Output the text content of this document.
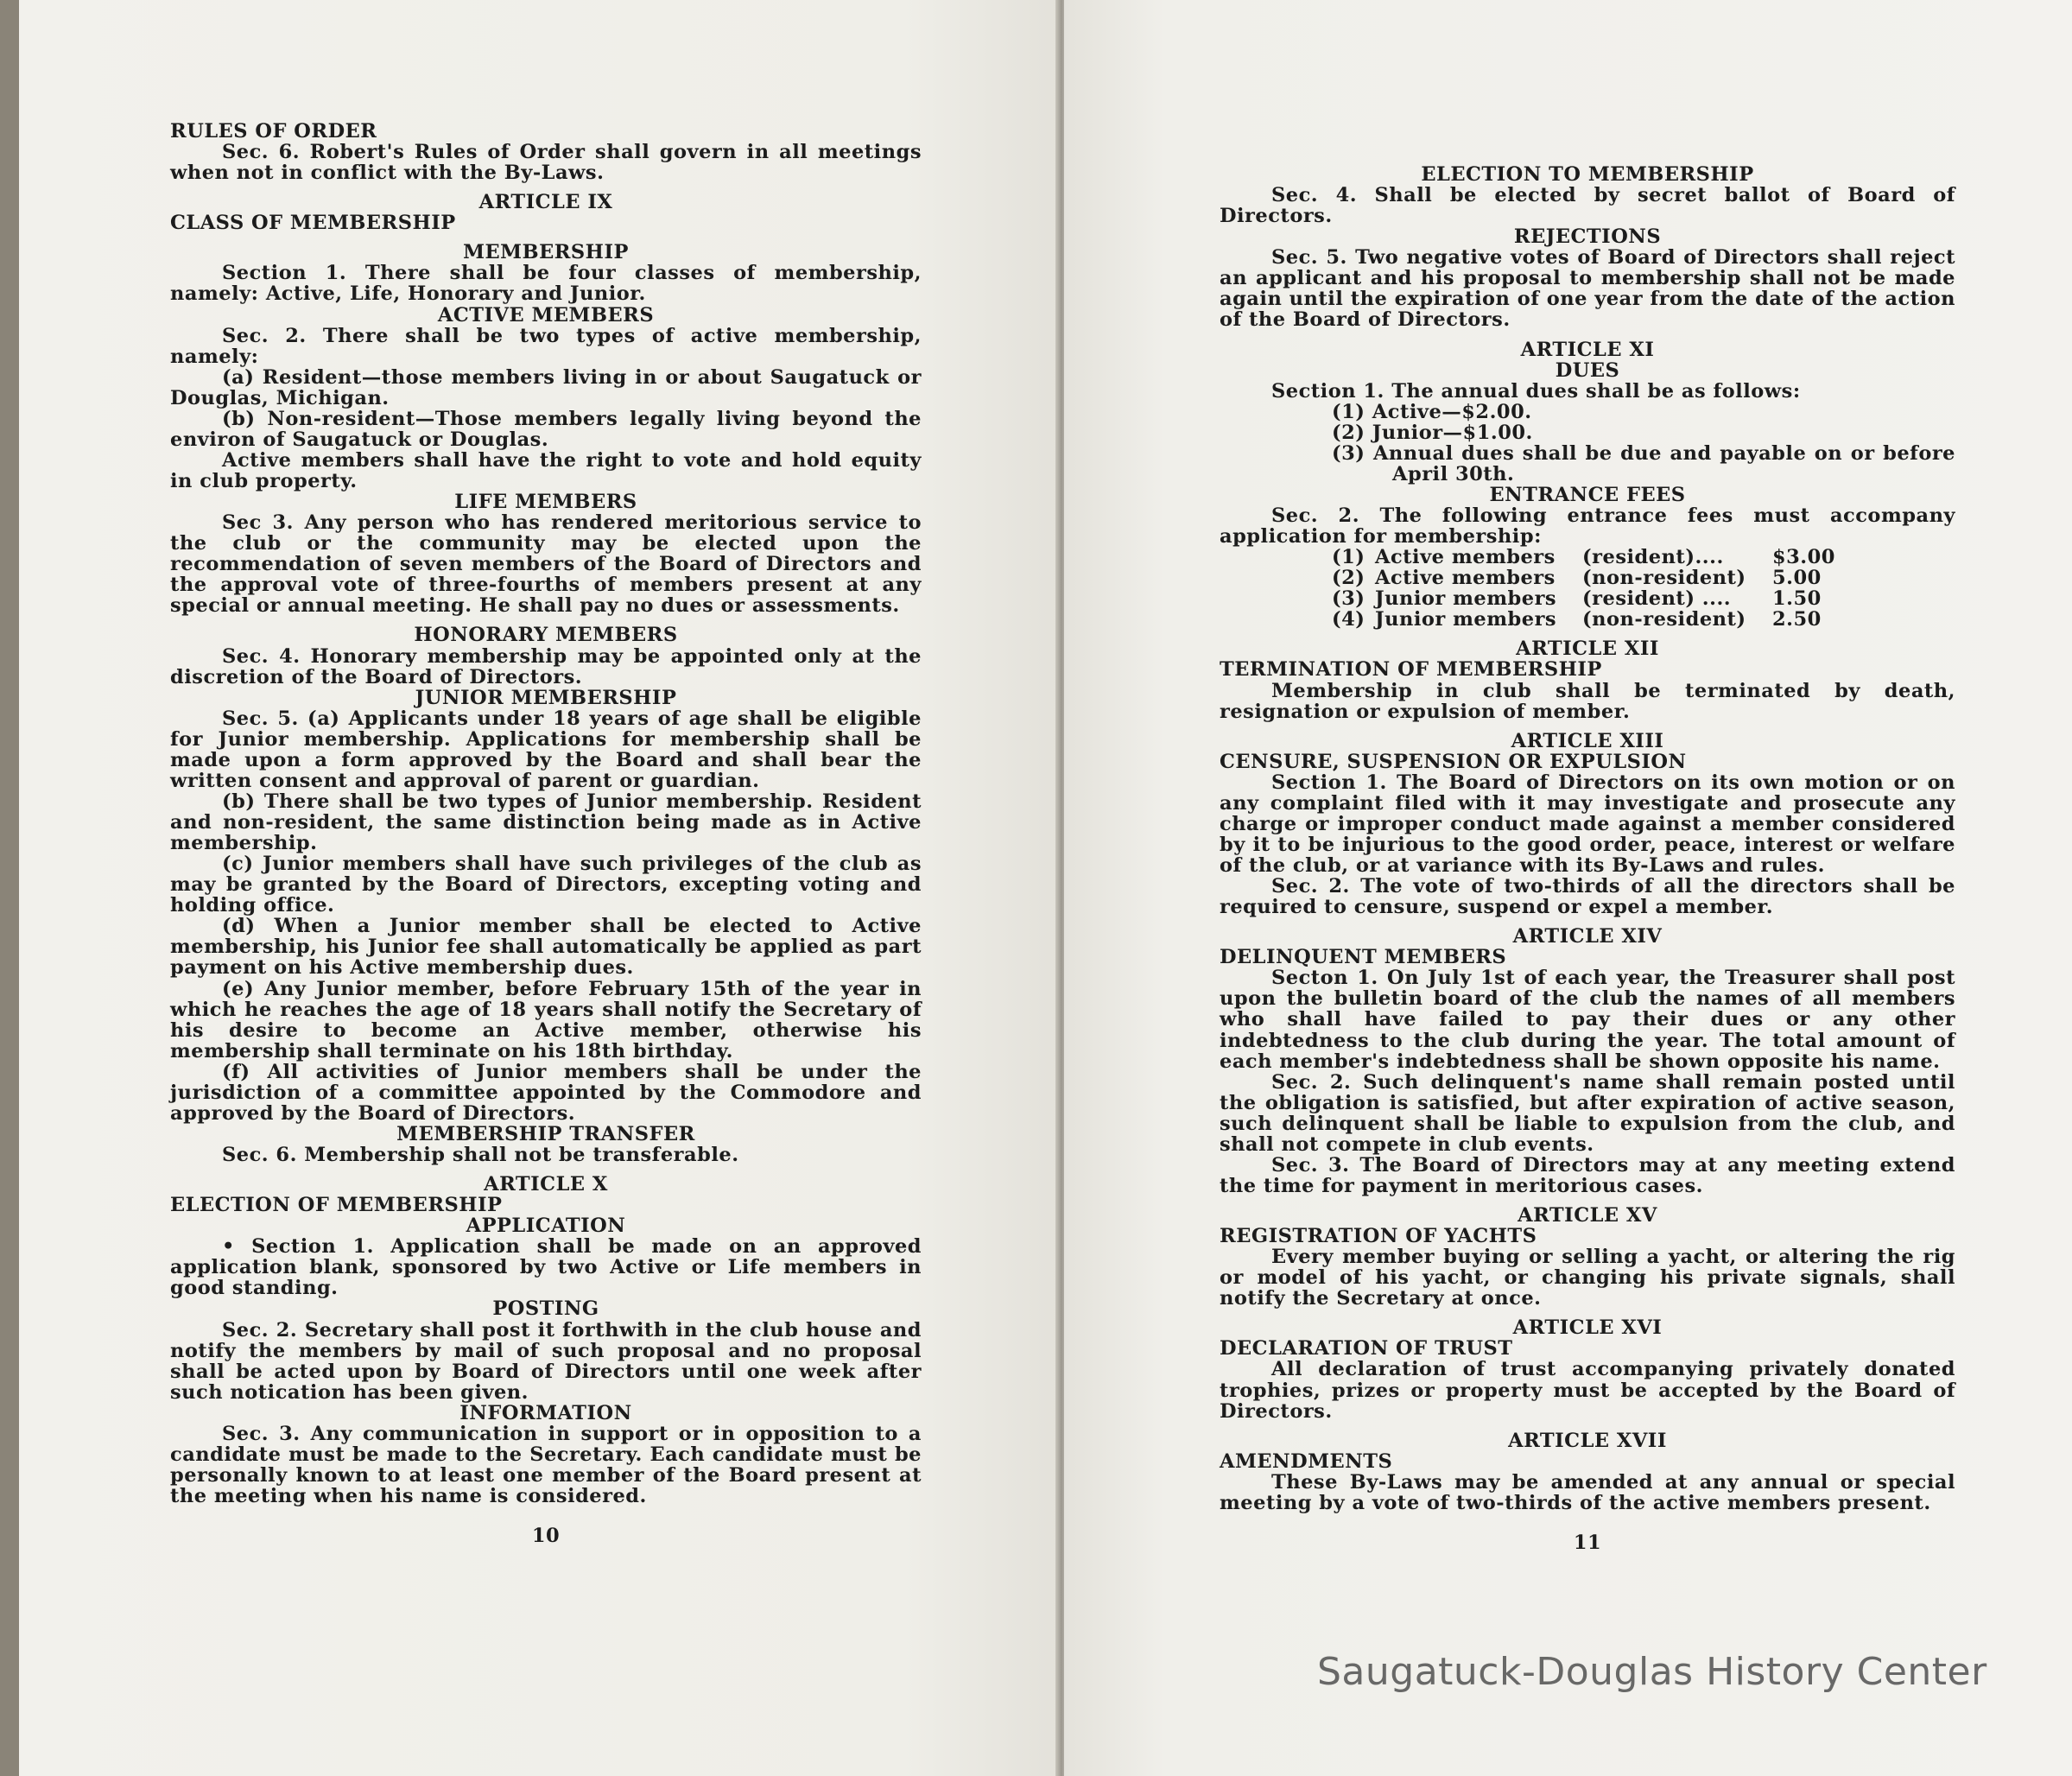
RULES OF ORDER
Sec. 6. Robert's Rules of Order shall govern in all meetings when not in conflict with the By-Laws.
ARTICLE IX
CLASS OF MEMBERSHIP
MEMBERSHIP
Section 1. There shall be four classes of membership, namely: Active, Life, Honorary and Junior.
ACTIVE MEMBERS
Sec. 2. There shall be two types of active membership, namely:
(a) Resident—those members living in or about Saugatuck or Douglas, Michigan.
(b) Non-resident—Those members legally living beyond the environ of Saugatuck or Douglas.
Active members shall have the right to vote and hold equity in club property.
LIFE MEMBERS
Sec 3. Any person who has rendered meritorious service to the club or the community may be elected upon the recommendation of seven members of the Board of Directors and the approval vote of three-fourths of members present at any special or annual meeting. He shall pay no dues or assessments.
HONORARY MEMBERS
Sec. 4. Honorary membership may be appointed only at the discretion of the Board of Directors.
JUNIOR MEMBERSHIP
Sec. 5. (a) Applicants under 18 years of age shall be eligible for Junior membership. Applications for membership shall be made upon a form approved by the Board and shall bear the written consent and approval of parent or guardian.
(b) There shall be two types of Junior membership. Resident and non-resident, the same distinction being made as in Active membership.
(c) Junior members shall have such privileges of the club as may be granted by the Board of Directors, excepting voting and holding office.
(d) When a Junior member shall be elected to Active membership, his Junior fee shall automatically be applied as part payment on his Active membership dues.
(e) Any Junior member, before February 15th of the year in which he reaches the age of 18 years shall notify the Secretary of his desire to become an Active member, otherwise his membership shall terminate on his 18th birthday.
(f) All activities of Junior members shall be under the jurisdiction of a committee appointed by the Commodore and approved by the Board of Directors.
MEMBERSHIP TRANSFER
Sec. 6. Membership shall not be transferable.
ARTICLE X
ELECTION OF MEMBERSHIP
APPLICATION
• Section 1. Application shall be made on an approved application blank, sponsored by two Active or Life members in good standing.
POSTING
Sec. 2. Secretary shall post it forthwith in the club house and notify the members by mail of such proposal and no proposal shall be acted upon by Board of Directors until one week after such notication has been given.
INFORMATION
Sec. 3. Any communication in support or in opposition to a candidate must be made to the Secretary. Each candidate must be personally known to at least one member of the Board present at the meeting when his name is considered.
10
ELECTION TO MEMBERSHIP
Sec. 4. Shall be elected by secret ballot of Board of Directors.
REJECTIONS
Sec. 5. Two negative votes of Board of Directors shall reject an applicant and his proposal to membership shall not be made again until the expiration of one year from the date of the action of the Board of Directors.
ARTICLE XI
DUES
Section 1. The annual dues shall be as follows:
(1) Active—$2.00.
(2) Junior—$1.00.
(3) Annual dues shall be due and payable on or before April 30th.
ENTRANCE FEES
Sec. 2. The following entrance fees must accompany application for membership:
(1) Active members	(resident)....	$3.00
(2) Active members	(non-resident)	5.00
(3) Junior members	(resident) ....	1.50
(4) Junior members	(non-resident)	2.50
ARTICLE XII
TERMINATION OF MEMBERSHIP
Membership in club shall be terminated by death, resignation or expulsion of member.
ARTICLE XIII
CENSURE, SUSPENSION OR EXPULSION
Section 1. The Board of Directors on its own motion or on any complaint filed with it may investigate and prosecute any charge or improper conduct made against a member considered by it to be injurious to the good order, peace, interest or welfare of the club, or at variance with its By-Laws and rules.
Sec. 2. The vote of two-thirds of all the directors shall be required to censure, suspend or expel a member.
ARTICLE XIV
DELINQUENT MEMBERS
Secton 1. On July 1st of each year, the Treasurer shall post upon the bulletin board of the club the names of all members who shall have failed to pay their dues or any other indebtedness to the club during the year. The total amount of each member's indebtedness shall be shown opposite his name.
Sec. 2. Such delinquent's name shall remain posted until the obligation is satisfied, but after expiration of active season, such delinquent shall be liable to expulsion from the club, and shall not compete in club events.
Sec. 3. The Board of Directors may at any meeting extend the time for payment in meritorious cases.
ARTICLE XV
REGISTRATION OF YACHTS
Every member buying or selling a yacht, or altering the rig or model of his yacht, or changing his private signals, shall notify the Secretary at once.
ARTICLE XVI
DECLARATION OF TRUST
All declaration of trust accompanying privately donated trophies, prizes or property must be accepted by the Board of Directors.
ARTICLE XVII
AMENDMENTS
These By-Laws may be amended at any annual or special meeting by a vote of two-thirds of the active members present.
11
Saugatuck-Douglas History Center
